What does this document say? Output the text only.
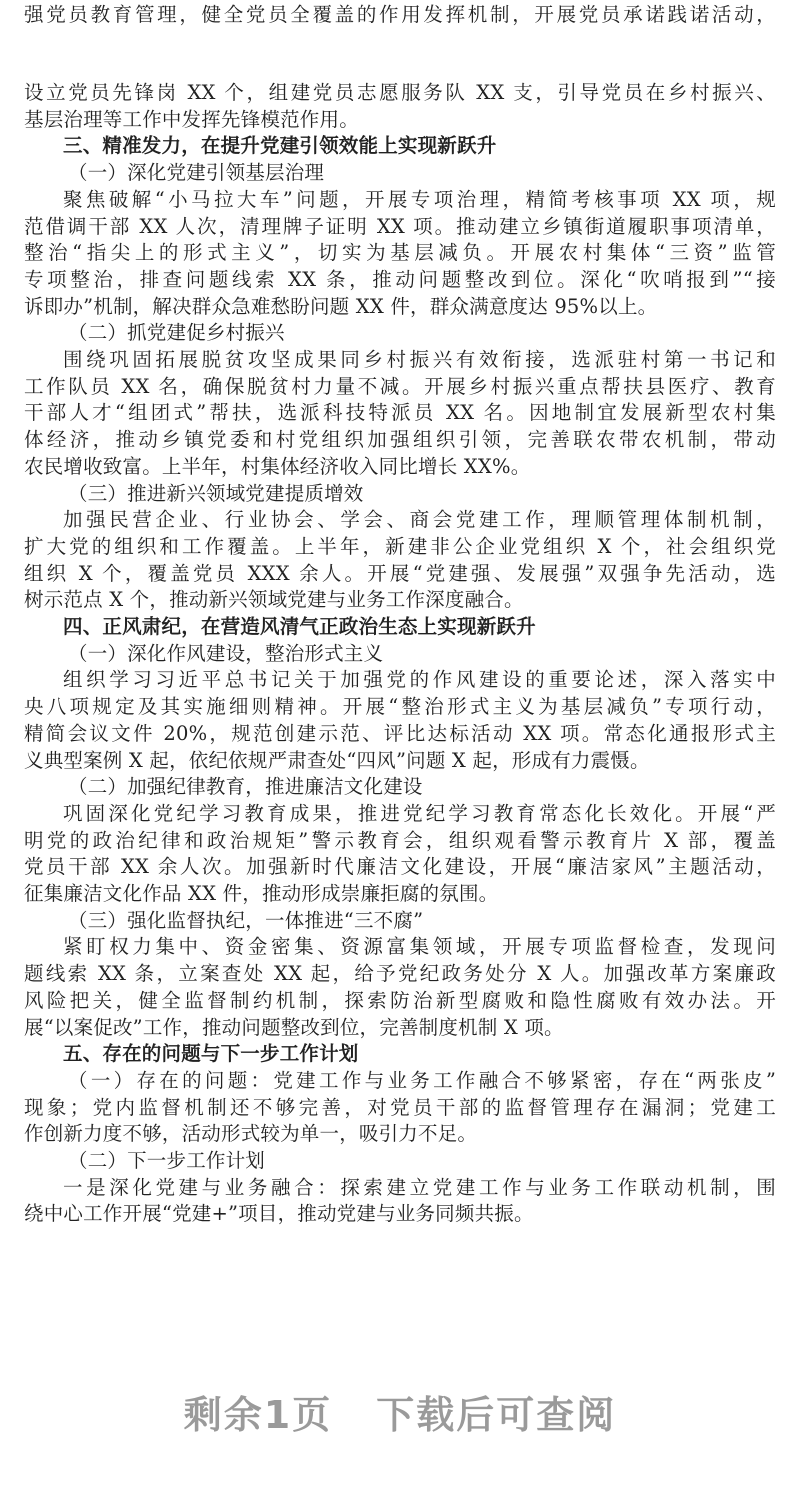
强党员教育管理，健全党员全覆盖的作用发挥机制，开展党员承诺践诺活动，
设立党员先锋岗 XX 个，组建党员志愿服务队 XX 支，引导党员在乡村振兴、
基层治理等工作中发挥先锋模范作用。
三、精准发力，在提升党建引领效能上实现新跃升
（一）深化党建引领基层治理
聚焦破解“小马拉大车”问题，开展专项治理，精简考核事项 XX 项，规
范借调干部 XX 人次，清理牌子证明 XX 项。推动建立乡镇街道履职事项清单，
整治“指尖上的形式主义”，切实为基层减负。开展农村集体“三资”监管
专项整治，排查问题线索 XX 条，推动问题整改到位。深化“吹哨报到”“接
诉即办”机制，解决群众急难愁盼问题 XX 件，群众满意度达 95%以上。
（二）抓党建促乡村振兴
围绕巩固拓展脱贫攻坚成果同乡村振兴有效衔接，选派驻村第一书记和
工作队员 XX 名，确保脱贫村力量不减。开展乡村振兴重点帮扶县医疗、教育
干部人才“组团式”帮扶，选派科技特派员 XX 名。因地制宜发展新型农村集
体经济，推动乡镇党委和村党组织加强组织引领，完善联农带农机制，带动
农民增收致富。上半年，村集体经济收入同比增长 XX%。
（三）推进新兴领域党建提质增效
加强民营企业、行业协会、学会、商会党建工作，理顺管理体制机制，
扩大党的组织和工作覆盖。上半年，新建非公企业党组织 X 个，社会组织党
组织 X 个，覆盖党员 XXX 余人。开展“党建强、发展强”双强争先活动，选
树示范点 X 个，推动新兴领域党建与业务工作深度融合。
四、正风肃纪，在营造风清气正政治生态上实现新跃升
（一）深化作风建设，整治形式主义
组织学习习近平总书记关于加强党的作风建设的重要论述，深入落实中
央八项规定及其实施细则精神。开展“整治形式主义为基层减负”专项行动，
精简会议文件 20%，规范创建示范、评比达标活动 XX 项。常态化通报形式主
义典型案例 X 起，依纪依规严肃查处“四风”问题 X 起，形成有力震慑。
（二）加强纪律教育，推进廉洁文化建设
巩固深化党纪学习教育成果，推进党纪学习教育常态化长效化。开展“严
明党的政治纪律和政治规矩”警示教育会，组织观看警示教育片 X 部，覆盖
党员干部 XX 余人次。加强新时代廉洁文化建设，开展“廉洁家风”主题活动，
征集廉洁文化作品 XX 件，推动形成崇廉拒腐的氛围。
（三）强化监督执纪，一体推进“三不腐”
紧盯权力集中、资金密集、资源富集领域，开展专项监督检查，发现问
题线索 XX 条，立案查处 XX 起，给予党纪政务处分 X 人。加强改革方案廉政
风险把关，健全监督制约机制，探索防治新型腐败和隐性腐败有效办法。开
展“以案促改”工作，推动问题整改到位，完善制度机制 X 项。
五、存在的问题与下一步工作计划
（一）存在的问题：党建工作与业务工作融合不够紧密，存在“两张皮”
现象；党内监督机制还不够完善，对党员干部的监督管理存在漏洞；党建工
作创新力度不够，活动形式较为单一，吸引力不足。
（二）下一步工作计划
一是深化党建与业务融合：探索建立党建工作与业务工作联动机制，围
绕中心工作开展“党建+”项目，推动党建与业务同频共振。
剩余1页 下载后可查阅
